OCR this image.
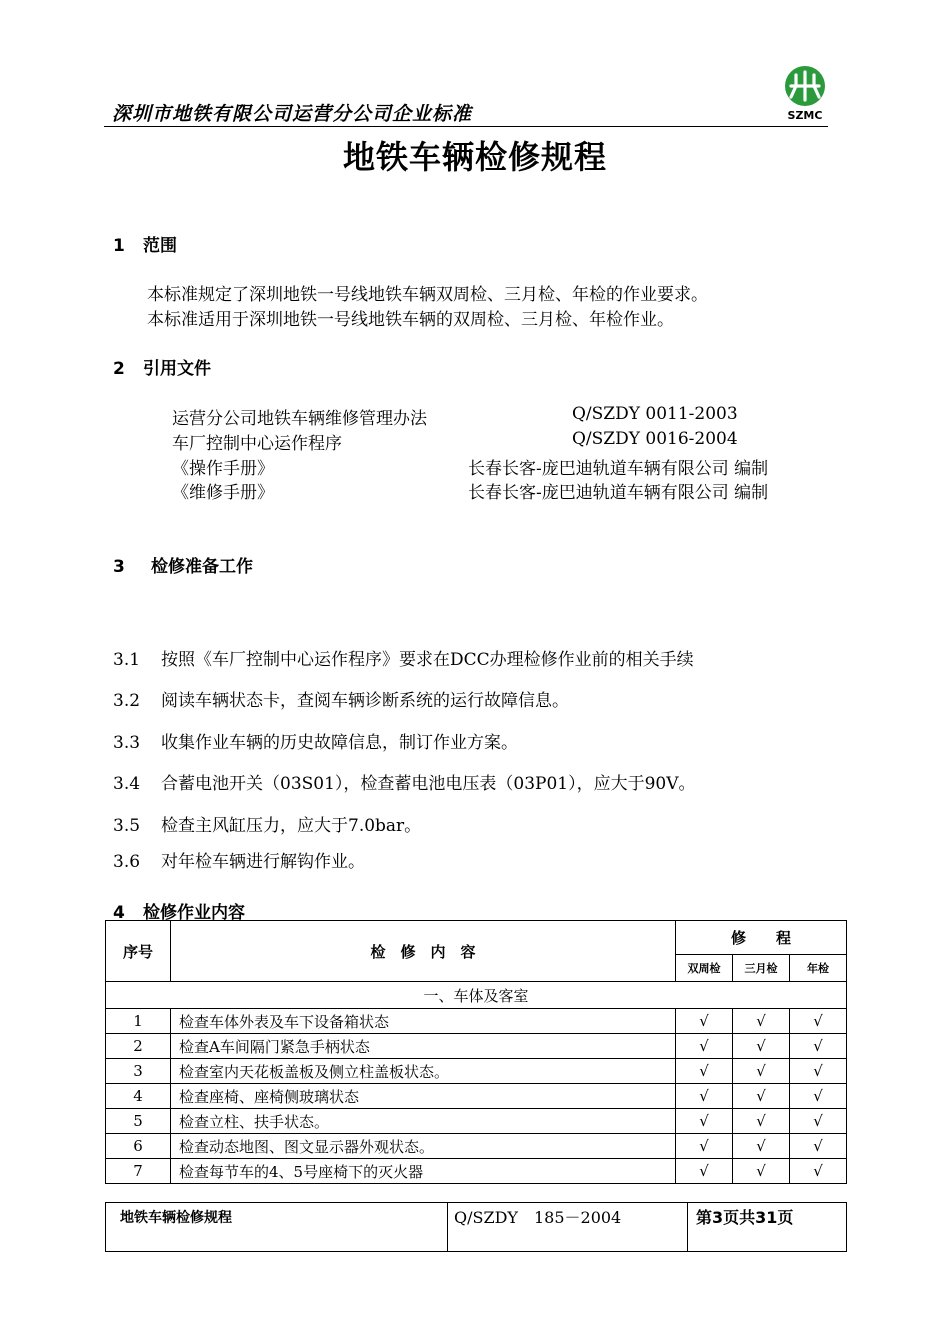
深圳市地铁有限公司运营分公司企业标准	SZMC
地铁车辆检修规程
1 范围
本标准规定了深圳地铁一号线地铁车辆双周检、三月检、年检的作业要求。
本标准适用于深圳地铁一号线地铁车辆的双周检、三月检、年检作业。
2 引用文件
运营分公司地铁车辆维修管理办法	Q/SZDY 0011-2003
车厂控制中心运作程序	Q/SZDY 0016-2004
《操作手册》	长春长客-庞巴迪轨道车辆有限公司 编制
《维修手册》	长春长客-庞巴迪轨道车辆有限公司 编制
3 检修准备工作
3.1 按照《车厂控制中心运作程序》要求在DCC办理检修作业前的相关手续
3.2 阅读车辆状态卡，查阅车辆诊断系统的运行故障信息。
3.3 收集作业车辆的历史故障信息，制订作业方案。
3.4 合蓄电池开关（03S01），检查蓄电池电压表（03P01），应大于90V。
3.5 检查主风缸压力，应大于7.0bar。
3.6 对年检车辆进行解钩作业。
4 检修作业内容
序号	检　修　内　容	修　　程		
		双周检	三月检	年检
一、车体及客室				
1	检查车体外表及车下设备箱状态	√	√	√
2	检查A车间隔门紧急手柄状态	√	√	√
3	检查室内天花板盖板及侧立柱盖板状态。	√	√	√
4	检查座椅、座椅侧玻璃状态	√	√	√
5	检查立柱、扶手状态。	√	√	√
6	检查动态地图、图文显示器外观状态。	√	√	√
7	检查每节车的4、5号座椅下的灭火器	√	√	√
地铁车辆检修规程	Q/SZDY　185－2004	第3页共31页
